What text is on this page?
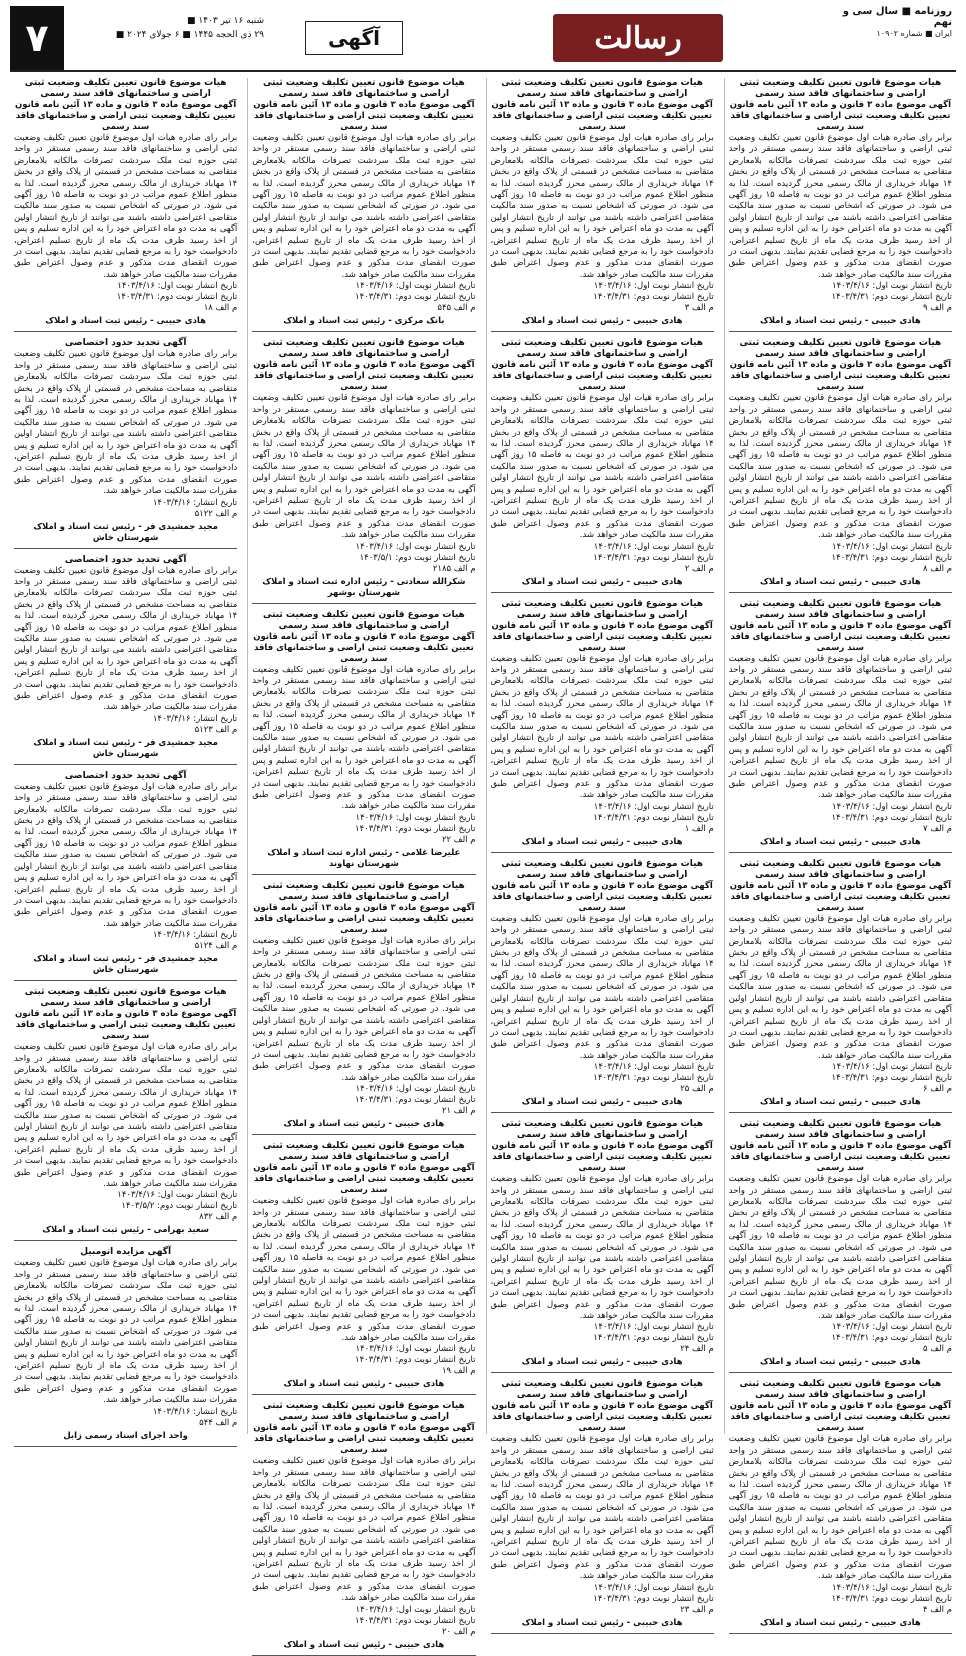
روزنامه ■ سال سی و نهم
ایران ■ شماره ۱۰۹۰۲
رسالت
آگهی
شنبه ۱۶ تیر ۱۴۰۳ ■
۲۹ ذی الحجه ۱۴۴۵ ■ ۶ جولای ۲۰۲۴ ■
۷
هیات موضوع قانون تعیین تکلیف وضعیت ثبتی اراضی و ساختمانهای فاقد سند رسمی
آگهی موضوع ماده ۳ قانون و ماده ۱۳ آئین نامه قانون تعیین تکلیف وضعیت ثبتی اراضی و ساختمانهای فاقد سند رسمی
برابر رای صادره هیات اول موضوع قانون تعیین تکلیف وضعیت ثبتی اراضی و ساختمانهای فاقد سند رسمی مستقر در واحد ثبتی حوزه ثبت ملک سردشت تصرفات مالکانه بلامعارض متقاضی به مساحت مشخص در قسمتی از پلاک واقع در بخش ۱۴ مهاباد خریداری از مالک رسمی محرز گردیده است. لذا به منظور اطلاع عموم مراتب در دو نوبت به فاصله ۱۵ روز آگهی می شود. در صورتی که اشخاص نسبت به صدور سند مالکیت متقاضی اعتراضی داشته باشند می توانند از تاریخ انتشار اولین آگهی به مدت دو ماه اعتراض خود را به این اداره تسلیم و پس از اخذ رسید ظرف مدت یک ماه از تاریخ تسلیم اعتراض، دادخواست خود را به مرجع قضایی تقدیم نمایند. بدیهی است در صورت انقضای مدت مذکور و عدم وصول اعتراض طبق مقررات سند مالکیت صادر خواهد شد.
تاریخ انتشار نوبت اول: ۱۴۰۳/۴/۱۶
تاریخ انتشار نوبت دوم: ۱۴۰۳/۴/۳۱
م الف ۹
هادی حبیبی - رئیس ثبت اسناد و املاک
هیات موضوع قانون تعیین تکلیف وضعیت ثبتی اراضی و ساختمانهای فاقد سند رسمی
آگهی موضوع ماده ۳ قانون و ماده ۱۳ آئین نامه قانون تعیین تکلیف وضعیت ثبتی اراضی و ساختمانهای فاقد سند رسمی
برابر رای صادره هیات اول موضوع قانون تعیین تکلیف وضعیت ثبتی اراضی و ساختمانهای فاقد سند رسمی مستقر در واحد ثبتی حوزه ثبت ملک سردشت تصرفات مالکانه بلامعارض متقاضی به مساحت مشخص در قسمتی از پلاک واقع در بخش ۱۴ مهاباد خریداری از مالک رسمی محرز گردیده است. لذا به منظور اطلاع عموم مراتب در دو نوبت به فاصله ۱۵ روز آگهی می شود. در صورتی که اشخاص نسبت به صدور سند مالکیت متقاضی اعتراضی داشته باشند می توانند از تاریخ انتشار اولین آگهی به مدت دو ماه اعتراض خود را به این اداره تسلیم و پس از اخذ رسید ظرف مدت یک ماه از تاریخ تسلیم اعتراض، دادخواست خود را به مرجع قضایی تقدیم نمایند. بدیهی است در صورت انقضای مدت مذکور و عدم وصول اعتراض طبق مقررات سند مالکیت صادر خواهد شد.
تاریخ انتشار نوبت اول: ۱۴۰۳/۴/۱۶
تاریخ انتشار نوبت دوم: ۱۴۰۳/۴/۳۱
م الف ۸
هادی حبیبی - رئیس ثبت اسناد و املاک
هیات موضوع قانون تعیین تکلیف وضعیت ثبتی اراضی و ساختمانهای فاقد سند رسمی
آگهی موضوع ماده ۳ قانون و ماده ۱۳ آئین نامه قانون تعیین تکلیف وضعیت ثبتی اراضی و ساختمانهای فاقد سند رسمی
برابر رای صادره هیات اول موضوع قانون تعیین تکلیف وضعیت ثبتی اراضی و ساختمانهای فاقد سند رسمی مستقر در واحد ثبتی حوزه ثبت ملک سردشت تصرفات مالکانه بلامعارض متقاضی به مساحت مشخص در قسمتی از پلاک واقع در بخش ۱۴ مهاباد خریداری از مالک رسمی محرز گردیده است. لذا به منظور اطلاع عموم مراتب در دو نوبت به فاصله ۱۵ روز آگهی می شود. در صورتی که اشخاص نسبت به صدور سند مالکیت متقاضی اعتراضی داشته باشند می توانند از تاریخ انتشار اولین آگهی به مدت دو ماه اعتراض خود را به این اداره تسلیم و پس از اخذ رسید ظرف مدت یک ماه از تاریخ تسلیم اعتراض، دادخواست خود را به مرجع قضایی تقدیم نمایند. بدیهی است در صورت انقضای مدت مذکور و عدم وصول اعتراض طبق مقررات سند مالکیت صادر خواهد شد.
تاریخ انتشار نوبت اول: ۱۴۰۳/۴/۱۶
تاریخ انتشار نوبت دوم: ۱۴۰۳/۴/۳۱
م الف ۷
هادی حبیبی - رئیس ثبت اسناد و املاک
هیات موضوع قانون تعیین تکلیف وضعیت ثبتی اراضی و ساختمانهای فاقد سند رسمی
آگهی موضوع ماده ۳ قانون و ماده ۱۳ آئین نامه قانون تعیین تکلیف وضعیت ثبتی اراضی و ساختمانهای فاقد سند رسمی
برابر رای صادره هیات اول موضوع قانون تعیین تکلیف وضعیت ثبتی اراضی و ساختمانهای فاقد سند رسمی مستقر در واحد ثبتی حوزه ثبت ملک سردشت تصرفات مالکانه بلامعارض متقاضی به مساحت مشخص در قسمتی از پلاک واقع در بخش ۱۴ مهاباد خریداری از مالک رسمی محرز گردیده است. لذا به منظور اطلاع عموم مراتب در دو نوبت به فاصله ۱۵ روز آگهی می شود. در صورتی که اشخاص نسبت به صدور سند مالکیت متقاضی اعتراضی داشته باشند می توانند از تاریخ انتشار اولین آگهی به مدت دو ماه اعتراض خود را به این اداره تسلیم و پس از اخذ رسید ظرف مدت یک ماه از تاریخ تسلیم اعتراض، دادخواست خود را به مرجع قضایی تقدیم نمایند. بدیهی است در صورت انقضای مدت مذکور و عدم وصول اعتراض طبق مقررات سند مالکیت صادر خواهد شد.
تاریخ انتشار نوبت اول: ۱۴۰۳/۴/۱۶
تاریخ انتشار نوبت دوم: ۱۴۰۳/۴/۳۱
م الف ۶
هادی حبیبی - رئیس ثبت اسناد و املاک
هیات موضوع قانون تعیین تکلیف وضعیت ثبتی اراضی و ساختمانهای فاقد سند رسمی
آگهی موضوع ماده ۳ قانون و ماده ۱۳ آئین نامه قانون تعیین تکلیف وضعیت ثبتی اراضی و ساختمانهای فاقد سند رسمی
برابر رای صادره هیات اول موضوع قانون تعیین تکلیف وضعیت ثبتی اراضی و ساختمانهای فاقد سند رسمی مستقر در واحد ثبتی حوزه ثبت ملک سردشت تصرفات مالکانه بلامعارض متقاضی به مساحت مشخص در قسمتی از پلاک واقع در بخش ۱۴ مهاباد خریداری از مالک رسمی محرز گردیده است. لذا به منظور اطلاع عموم مراتب در دو نوبت به فاصله ۱۵ روز آگهی می شود. در صورتی که اشخاص نسبت به صدور سند مالکیت متقاضی اعتراضی داشته باشند می توانند از تاریخ انتشار اولین آگهی به مدت دو ماه اعتراض خود را به این اداره تسلیم و پس از اخذ رسید ظرف مدت یک ماه از تاریخ تسلیم اعتراض، دادخواست خود را به مرجع قضایی تقدیم نمایند. بدیهی است در صورت انقضای مدت مذکور و عدم وصول اعتراض طبق مقررات سند مالکیت صادر خواهد شد.
تاریخ انتشار نوبت اول: ۱۴۰۳/۴/۱۶
تاریخ انتشار نوبت دوم: ۱۴۰۳/۴/۳۱
م الف ۵
هادی حبیبی - رئیس ثبت اسناد و املاک
هیات موضوع قانون تعیین تکلیف وضعیت ثبتی اراضی و ساختمانهای فاقد سند رسمی
آگهی موضوع ماده ۳ قانون و ماده ۱۳ آئین نامه قانون تعیین تکلیف وضعیت ثبتی اراضی و ساختمانهای فاقد سند رسمی
برابر رای صادره هیات اول موضوع قانون تعیین تکلیف وضعیت ثبتی اراضی و ساختمانهای فاقد سند رسمی مستقر در واحد ثبتی حوزه ثبت ملک سردشت تصرفات مالکانه بلامعارض متقاضی به مساحت مشخص در قسمتی از پلاک واقع در بخش ۱۴ مهاباد خریداری از مالک رسمی محرز گردیده است. لذا به منظور اطلاع عموم مراتب در دو نوبت به فاصله ۱۵ روز آگهی می شود. در صورتی که اشخاص نسبت به صدور سند مالکیت متقاضی اعتراضی داشته باشند می توانند از تاریخ انتشار اولین آگهی به مدت دو ماه اعتراض خود را به این اداره تسلیم و پس از اخذ رسید ظرف مدت یک ماه از تاریخ تسلیم اعتراض، دادخواست خود را به مرجع قضایی تقدیم نمایند. بدیهی است در صورت انقضای مدت مذکور و عدم وصول اعتراض طبق مقررات سند مالکیت صادر خواهد شد.
تاریخ انتشار نوبت اول: ۱۴۰۳/۴/۱۶
تاریخ انتشار نوبت دوم: ۱۴۰۳/۴/۳۱
م الف ۴
هادی حبیبی - رئیس ثبت اسناد و املاک
هیات موضوع قانون تعیین تکلیف وضعیت ثبتی اراضی و ساختمانهای فاقد سند رسمی
آگهی موضوع ماده ۳ قانون و ماده ۱۳ آئین نامه قانون تعیین تکلیف وضعیت ثبتی اراضی و ساختمانهای فاقد سند رسمی
برابر رای صادره هیات اول موضوع قانون تعیین تکلیف وضعیت ثبتی اراضی و ساختمانهای فاقد سند رسمی مستقر در واحد ثبتی حوزه ثبت ملک سردشت تصرفات مالکانه بلامعارض متقاضی به مساحت مشخص در قسمتی از پلاک واقع در بخش ۱۴ مهاباد خریداری از مالک رسمی محرز گردیده است. لذا به منظور اطلاع عموم مراتب در دو نوبت به فاصله ۱۵ روز آگهی می شود. در صورتی که اشخاص نسبت به صدور سند مالکیت متقاضی اعتراضی داشته باشند می توانند از تاریخ انتشار اولین آگهی به مدت دو ماه اعتراض خود را به این اداره تسلیم و پس از اخذ رسید ظرف مدت یک ماه از تاریخ تسلیم اعتراض، دادخواست خود را به مرجع قضایی تقدیم نمایند. بدیهی است در صورت انقضای مدت مذکور و عدم وصول اعتراض طبق مقررات سند مالکیت صادر خواهد شد.
تاریخ انتشار نوبت اول: ۱۴۰۳/۴/۱۶
تاریخ انتشار نوبت دوم: ۱۴۰۳/۴/۳۱
م الف ۳
هادی حبیبی - رئیس ثبت اسناد و املاک
هیات موضوع قانون تعیین تکلیف وضعیت ثبتی اراضی و ساختمانهای فاقد سند رسمی
آگهی موضوع ماده ۳ قانون و ماده ۱۳ آئین نامه قانون تعیین تکلیف وضعیت ثبتی اراضی و ساختمانهای فاقد سند رسمی
برابر رای صادره هیات اول موضوع قانون تعیین تکلیف وضعیت ثبتی اراضی و ساختمانهای فاقد سند رسمی مستقر در واحد ثبتی حوزه ثبت ملک سردشت تصرفات مالکانه بلامعارض متقاضی به مساحت مشخص در قسمتی از پلاک واقع در بخش ۱۴ مهاباد خریداری از مالک رسمی محرز گردیده است. لذا به منظور اطلاع عموم مراتب در دو نوبت به فاصله ۱۵ روز آگهی می شود. در صورتی که اشخاص نسبت به صدور سند مالکیت متقاضی اعتراضی داشته باشند می توانند از تاریخ انتشار اولین آگهی به مدت دو ماه اعتراض خود را به این اداره تسلیم و پس از اخذ رسید ظرف مدت یک ماه از تاریخ تسلیم اعتراض، دادخواست خود را به مرجع قضایی تقدیم نمایند. بدیهی است در صورت انقضای مدت مذکور و عدم وصول اعتراض طبق مقررات سند مالکیت صادر خواهد شد.
تاریخ انتشار نوبت اول: ۱۴۰۳/۴/۱۶
تاریخ انتشار نوبت دوم: ۱۴۰۳/۴/۳۱
م الف ۲
هادی حبیبی - رئیس ثبت اسناد و املاک
هیات موضوع قانون تعیین تکلیف وضعیت ثبتی اراضی و ساختمانهای فاقد سند رسمی
آگهی موضوع ماده ۳ قانون و ماده ۱۳ آئین نامه قانون تعیین تکلیف وضعیت ثبتی اراضی و ساختمانهای فاقد سند رسمی
برابر رای صادره هیات اول موضوع قانون تعیین تکلیف وضعیت ثبتی اراضی و ساختمانهای فاقد سند رسمی مستقر در واحد ثبتی حوزه ثبت ملک سردشت تصرفات مالکانه بلامعارض متقاضی به مساحت مشخص در قسمتی از پلاک واقع در بخش ۱۴ مهاباد خریداری از مالک رسمی محرز گردیده است. لذا به منظور اطلاع عموم مراتب در دو نوبت به فاصله ۱۵ روز آگهی می شود. در صورتی که اشخاص نسبت به صدور سند مالکیت متقاضی اعتراضی داشته باشند می توانند از تاریخ انتشار اولین آگهی به مدت دو ماه اعتراض خود را به این اداره تسلیم و پس از اخذ رسید ظرف مدت یک ماه از تاریخ تسلیم اعتراض، دادخواست خود را به مرجع قضایی تقدیم نمایند. بدیهی است در صورت انقضای مدت مذکور و عدم وصول اعتراض طبق مقررات سند مالکیت صادر خواهد شد.
تاریخ انتشار نوبت اول: ۱۴۰۳/۴/۱۶
تاریخ انتشار نوبت دوم: ۱۴۰۳/۴/۳۱
م الف ۱
هادی حبیبی - رئیس ثبت اسناد و املاک
هیات موضوع قانون تعیین تکلیف وضعیت ثبتی اراضی و ساختمانهای فاقد سند رسمی
آگهی موضوع ماده ۳ قانون و ماده ۱۳ آئین نامه قانون تعیین تکلیف وضعیت ثبتی اراضی و ساختمانهای فاقد سند رسمی
برابر رای صادره هیات اول موضوع قانون تعیین تکلیف وضعیت ثبتی اراضی و ساختمانهای فاقد سند رسمی مستقر در واحد ثبتی حوزه ثبت ملک سردشت تصرفات مالکانه بلامعارض متقاضی به مساحت مشخص در قسمتی از پلاک واقع در بخش ۱۴ مهاباد خریداری از مالک رسمی محرز گردیده است. لذا به منظور اطلاع عموم مراتب در دو نوبت به فاصله ۱۵ روز آگهی می شود. در صورتی که اشخاص نسبت به صدور سند مالکیت متقاضی اعتراضی داشته باشند می توانند از تاریخ انتشار اولین آگهی به مدت دو ماه اعتراض خود را به این اداره تسلیم و پس از اخذ رسید ظرف مدت یک ماه از تاریخ تسلیم اعتراض، دادخواست خود را به مرجع قضایی تقدیم نمایند. بدیهی است در صورت انقضای مدت مذکور و عدم وصول اعتراض طبق مقررات سند مالکیت صادر خواهد شد.
تاریخ انتشار نوبت اول: ۱۴۰۳/۴/۱۶
تاریخ انتشار نوبت دوم: ۱۴۰۳/۴/۳۱
م الف ۲۵
هادی حبیبی - رئیس ثبت اسناد و املاک
هیات موضوع قانون تعیین تکلیف وضعیت ثبتی اراضی و ساختمانهای فاقد سند رسمی
آگهی موضوع ماده ۳ قانون و ماده ۱۳ آئین نامه قانون تعیین تکلیف وضعیت ثبتی اراضی و ساختمانهای فاقد سند رسمی
برابر رای صادره هیات اول موضوع قانون تعیین تکلیف وضعیت ثبتی اراضی و ساختمانهای فاقد سند رسمی مستقر در واحد ثبتی حوزه ثبت ملک سردشت تصرفات مالکانه بلامعارض متقاضی به مساحت مشخص در قسمتی از پلاک واقع در بخش ۱۴ مهاباد خریداری از مالک رسمی محرز گردیده است. لذا به منظور اطلاع عموم مراتب در دو نوبت به فاصله ۱۵ روز آگهی می شود. در صورتی که اشخاص نسبت به صدور سند مالکیت متقاضی اعتراضی داشته باشند می توانند از تاریخ انتشار اولین آگهی به مدت دو ماه اعتراض خود را به این اداره تسلیم و پس از اخذ رسید ظرف مدت یک ماه از تاریخ تسلیم اعتراض، دادخواست خود را به مرجع قضایی تقدیم نمایند. بدیهی است در صورت انقضای مدت مذکور و عدم وصول اعتراض طبق مقررات سند مالکیت صادر خواهد شد.
تاریخ انتشار نوبت اول: ۱۴۰۳/۴/۱۶
تاریخ انتشار نوبت دوم: ۱۴۰۳/۴/۳۱
م الف ۲۴
هادی حبیبی - رئیس ثبت اسناد و املاک
هیات موضوع قانون تعیین تکلیف وضعیت ثبتی اراضی و ساختمانهای فاقد سند رسمی
آگهی موضوع ماده ۳ قانون و ماده ۱۳ آئین نامه قانون تعیین تکلیف وضعیت ثبتی اراضی و ساختمانهای فاقد سند رسمی
برابر رای صادره هیات اول موضوع قانون تعیین تکلیف وضعیت ثبتی اراضی و ساختمانهای فاقد سند رسمی مستقر در واحد ثبتی حوزه ثبت ملک سردشت تصرفات مالکانه بلامعارض متقاضی به مساحت مشخص در قسمتی از پلاک واقع در بخش ۱۴ مهاباد خریداری از مالک رسمی محرز گردیده است. لذا به منظور اطلاع عموم مراتب در دو نوبت به فاصله ۱۵ روز آگهی می شود. در صورتی که اشخاص نسبت به صدور سند مالکیت متقاضی اعتراضی داشته باشند می توانند از تاریخ انتشار اولین آگهی به مدت دو ماه اعتراض خود را به این اداره تسلیم و پس از اخذ رسید ظرف مدت یک ماه از تاریخ تسلیم اعتراض، دادخواست خود را به مرجع قضایی تقدیم نمایند. بدیهی است در صورت انقضای مدت مذکور و عدم وصول اعتراض طبق مقررات سند مالکیت صادر خواهد شد.
تاریخ انتشار نوبت اول: ۱۴۰۳/۴/۱۶
تاریخ انتشار نوبت دوم: ۱۴۰۳/۴/۳۱
م الف ۲۳
هادی حبیبی - رئیس ثبت اسناد و املاک
هیات موضوع قانون تعیین تکلیف وضعیت ثبتی اراضی و ساختمانهای فاقد سند رسمی
آگهی موضوع ماده ۳ قانون و ماده ۱۳ آئین نامه قانون تعیین تکلیف وضعیت ثبتی اراضی و ساختمانهای فاقد سند رسمی
برابر رای صادره هیات اول موضوع قانون تعیین تکلیف وضعیت ثبتی اراضی و ساختمانهای فاقد سند رسمی مستقر در واحد ثبتی حوزه ثبت ملک سردشت تصرفات مالکانه بلامعارض متقاضی به مساحت مشخص در قسمتی از پلاک واقع در بخش ۱۴ مهاباد خریداری از مالک رسمی محرز گردیده است. لذا به منظور اطلاع عموم مراتب در دو نوبت به فاصله ۱۵ روز آگهی می شود. در صورتی که اشخاص نسبت به صدور سند مالکیت متقاضی اعتراضی داشته باشند می توانند از تاریخ انتشار اولین آگهی به مدت دو ماه اعتراض خود را به این اداره تسلیم و پس از اخذ رسید ظرف مدت یک ماه از تاریخ تسلیم اعتراض، دادخواست خود را به مرجع قضایی تقدیم نمایند. بدیهی است در صورت انقضای مدت مذکور و عدم وصول اعتراض طبق مقررات سند مالکیت صادر خواهد شد.
تاریخ انتشار نوبت اول: ۱۴۰۳/۴/۱۶
تاریخ انتشار نوبت دوم: ۱۴۰۳/۴/۳۱
م الف ۵۴۵
بانک مرکزی - رئیس ثبت اسناد و املاک
هیات موضوع قانون تعیین تکلیف وضعیت ثبتی اراضی و ساختمانهای فاقد سند رسمی
آگهی موضوع ماده ۳ قانون و ماده ۱۳ آئین نامه قانون تعیین تکلیف وضعیت ثبتی اراضی و ساختمانهای فاقد سند رسمی
برابر رای صادره هیات اول موضوع قانون تعیین تکلیف وضعیت ثبتی اراضی و ساختمانهای فاقد سند رسمی مستقر در واحد ثبتی حوزه ثبت ملک سردشت تصرفات مالکانه بلامعارض متقاضی به مساحت مشخص در قسمتی از پلاک واقع در بخش ۱۴ مهاباد خریداری از مالک رسمی محرز گردیده است. لذا به منظور اطلاع عموم مراتب در دو نوبت به فاصله ۱۵ روز آگهی می شود. در صورتی که اشخاص نسبت به صدور سند مالکیت متقاضی اعتراضی داشته باشند می توانند از تاریخ انتشار اولین آگهی به مدت دو ماه اعتراض خود را به این اداره تسلیم و پس از اخذ رسید ظرف مدت یک ماه از تاریخ تسلیم اعتراض، دادخواست خود را به مرجع قضایی تقدیم نمایند. بدیهی است در صورت انقضای مدت مذکور و عدم وصول اعتراض طبق مقررات سند مالکیت صادر خواهد شد.
تاریخ انتشار نوبت اول: ۱۴۰۳/۴/۱۶
تاریخ انتشار نوبت دوم: ۱۴۰۳/۵/۱
م الف ۲۱۸۵
شکرالله سعادتی - رئیس اداره ثبت اسناد و املاک شهرستان بوشهر
هیات موضوع قانون تعیین تکلیف وضعیت ثبتی اراضی و ساختمانهای فاقد سند رسمی
آگهی موضوع ماده ۳ قانون و ماده ۱۳ آئین نامه قانون تعیین تکلیف وضعیت ثبتی اراضی و ساختمانهای فاقد سند رسمی
برابر رای صادره هیات اول موضوع قانون تعیین تکلیف وضعیت ثبتی اراضی و ساختمانهای فاقد سند رسمی مستقر در واحد ثبتی حوزه ثبت ملک سردشت تصرفات مالکانه بلامعارض متقاضی به مساحت مشخص در قسمتی از پلاک واقع در بخش ۱۴ مهاباد خریداری از مالک رسمی محرز گردیده است. لذا به منظور اطلاع عموم مراتب در دو نوبت به فاصله ۱۵ روز آگهی می شود. در صورتی که اشخاص نسبت به صدور سند مالکیت متقاضی اعتراضی داشته باشند می توانند از تاریخ انتشار اولین آگهی به مدت دو ماه اعتراض خود را به این اداره تسلیم و پس از اخذ رسید ظرف مدت یک ماه از تاریخ تسلیم اعتراض، دادخواست خود را به مرجع قضایی تقدیم نمایند. بدیهی است در صورت انقضای مدت مذکور و عدم وصول اعتراض طبق مقررات سند مالکیت صادر خواهد شد.
تاریخ انتشار نوبت اول: ۱۴۰۳/۴/۱۶
تاریخ انتشار نوبت دوم: ۱۴۰۳/۴/۳۱
م الف ۲۲
علیرضا غلامی - رئیس اداره ثبت اسناد و املاک شهرستان نهاوند
هیات موضوع قانون تعیین تکلیف وضعیت ثبتی اراضی و ساختمانهای فاقد سند رسمی
آگهی موضوع ماده ۳ قانون و ماده ۱۳ آئین نامه قانون تعیین تکلیف وضعیت ثبتی اراضی و ساختمانهای فاقد سند رسمی
برابر رای صادره هیات اول موضوع قانون تعیین تکلیف وضعیت ثبتی اراضی و ساختمانهای فاقد سند رسمی مستقر در واحد ثبتی حوزه ثبت ملک سردشت تصرفات مالکانه بلامعارض متقاضی به مساحت مشخص در قسمتی از پلاک واقع در بخش ۱۴ مهاباد خریداری از مالک رسمی محرز گردیده است. لذا به منظور اطلاع عموم مراتب در دو نوبت به فاصله ۱۵ روز آگهی می شود. در صورتی که اشخاص نسبت به صدور سند مالکیت متقاضی اعتراضی داشته باشند می توانند از تاریخ انتشار اولین آگهی به مدت دو ماه اعتراض خود را به این اداره تسلیم و پس از اخذ رسید ظرف مدت یک ماه از تاریخ تسلیم اعتراض، دادخواست خود را به مرجع قضایی تقدیم نمایند. بدیهی است در صورت انقضای مدت مذکور و عدم وصول اعتراض طبق مقررات سند مالکیت صادر خواهد شد.
تاریخ انتشار نوبت اول: ۱۴۰۳/۴/۱۶
تاریخ انتشار نوبت دوم: ۱۴۰۳/۴/۳۱
م الف ۲۱
هادی حبیبی - رئیس ثبت اسناد و املاک
هیات موضوع قانون تعیین تکلیف وضعیت ثبتی اراضی و ساختمانهای فاقد سند رسمی
آگهی موضوع ماده ۳ قانون و ماده ۱۳ آئین نامه قانون تعیین تکلیف وضعیت ثبتی اراضی و ساختمانهای فاقد سند رسمی
برابر رای صادره هیات اول موضوع قانون تعیین تکلیف وضعیت ثبتی اراضی و ساختمانهای فاقد سند رسمی مستقر در واحد ثبتی حوزه ثبت ملک سردشت تصرفات مالکانه بلامعارض متقاضی به مساحت مشخص در قسمتی از پلاک واقع در بخش ۱۴ مهاباد خریداری از مالک رسمی محرز گردیده است. لذا به منظور اطلاع عموم مراتب در دو نوبت به فاصله ۱۵ روز آگهی می شود. در صورتی که اشخاص نسبت به صدور سند مالکیت متقاضی اعتراضی داشته باشند می توانند از تاریخ انتشار اولین آگهی به مدت دو ماه اعتراض خود را به این اداره تسلیم و پس از اخذ رسید ظرف مدت یک ماه از تاریخ تسلیم اعتراض، دادخواست خود را به مرجع قضایی تقدیم نمایند. بدیهی است در صورت انقضای مدت مذکور و عدم وصول اعتراض طبق مقررات سند مالکیت صادر خواهد شد.
تاریخ انتشار نوبت اول: ۱۴۰۳/۴/۱۶
تاریخ انتشار نوبت دوم: ۱۴۰۳/۴/۳۱
م الف ۱۹
هادی حبیبی - رئیس ثبت اسناد و املاک
هیات موضوع قانون تعیین تکلیف وضعیت ثبتی اراضی و ساختمانهای فاقد سند رسمی
آگهی موضوع ماده ۳ قانون و ماده ۱۳ آئین نامه قانون تعیین تکلیف وضعیت ثبتی اراضی و ساختمانهای فاقد سند رسمی
برابر رای صادره هیات اول موضوع قانون تعیین تکلیف وضعیت ثبتی اراضی و ساختمانهای فاقد سند رسمی مستقر در واحد ثبتی حوزه ثبت ملک سردشت تصرفات مالکانه بلامعارض متقاضی به مساحت مشخص در قسمتی از پلاک واقع در بخش ۱۴ مهاباد خریداری از مالک رسمی محرز گردیده است. لذا به منظور اطلاع عموم مراتب در دو نوبت به فاصله ۱۵ روز آگهی می شود. در صورتی که اشخاص نسبت به صدور سند مالکیت متقاضی اعتراضی داشته باشند می توانند از تاریخ انتشار اولین آگهی به مدت دو ماه اعتراض خود را به این اداره تسلیم و پس از اخذ رسید ظرف مدت یک ماه از تاریخ تسلیم اعتراض، دادخواست خود را به مرجع قضایی تقدیم نمایند. بدیهی است در صورت انقضای مدت مذکور و عدم وصول اعتراض طبق مقررات سند مالکیت صادر خواهد شد.
تاریخ انتشار نوبت اول: ۱۴۰۳/۴/۱۶
تاریخ انتشار نوبت دوم: ۱۴۰۳/۴/۳۱
م الف ۲۰
هادی حبیبی - رئیس ثبت اسناد و املاک
هیات موضوع قانون تعیین تکلیف وضعیت ثبتی اراضی و ساختمانهای فاقد سند رسمی
آگهی موضوع ماده ۳ قانون و ماده ۱۳ آئین نامه قانون تعیین تکلیف وضعیت ثبتی اراضی و ساختمانهای فاقد سند رسمی
برابر رای صادره هیات اول موضوع قانون تعیین تکلیف وضعیت ثبتی اراضی و ساختمانهای فاقد سند رسمی مستقر در واحد ثبتی حوزه ثبت ملک سردشت تصرفات مالکانه بلامعارض متقاضی به مساحت مشخص در قسمتی از پلاک واقع در بخش ۱۴ مهاباد خریداری از مالک رسمی محرز گردیده است. لذا به منظور اطلاع عموم مراتب در دو نوبت به فاصله ۱۵ روز آگهی می شود. در صورتی که اشخاص نسبت به صدور سند مالکیت متقاضی اعتراضی داشته باشند می توانند از تاریخ انتشار اولین آگهی به مدت دو ماه اعتراض خود را به این اداره تسلیم و پس از اخذ رسید ظرف مدت یک ماه از تاریخ تسلیم اعتراض، دادخواست خود را به مرجع قضایی تقدیم نمایند. بدیهی است در صورت انقضای مدت مذکور و عدم وصول اعتراض طبق مقررات سند مالکیت صادر خواهد شد.
تاریخ انتشار نوبت اول: ۱۴۰۳/۴/۱۶
تاریخ انتشار نوبت دوم: ۱۴۰۳/۴/۳۱
م الف ۱۸
هادی حبیبی - رئیس ثبت اسناد و املاک
آگهی تحدید حدود اختصاصی
برابر رای صادره هیات اول موضوع قانون تعیین تکلیف وضعیت ثبتی اراضی و ساختمانهای فاقد سند رسمی مستقر در واحد ثبتی حوزه ثبت ملک سردشت تصرفات مالکانه بلامعارض متقاضی به مساحت مشخص در قسمتی از پلاک واقع در بخش ۱۴ مهاباد خریداری از مالک رسمی محرز گردیده است. لذا به منظور اطلاع عموم مراتب در دو نوبت به فاصله ۱۵ روز آگهی می شود. در صورتی که اشخاص نسبت به صدور سند مالکیت متقاضی اعتراضی داشته باشند می توانند از تاریخ انتشار اولین آگهی به مدت دو ماه اعتراض خود را به این اداره تسلیم و پس از اخذ رسید ظرف مدت یک ماه از تاریخ تسلیم اعتراض، دادخواست خود را به مرجع قضایی تقدیم نمایند. بدیهی است در صورت انقضای مدت مذکور و عدم وصول اعتراض طبق مقررات سند مالکیت صادر خواهد شد.
تاریخ انتشار: ۱۴۰۳/۴/۱۶
م الف ۵۱۲۲
مجید جمشیدی فر - رئیس ثبت اسناد و املاک شهرستان خاش
آگهی تحدید حدود اختصاصی
برابر رای صادره هیات اول موضوع قانون تعیین تکلیف وضعیت ثبتی اراضی و ساختمانهای فاقد سند رسمی مستقر در واحد ثبتی حوزه ثبت ملک سردشت تصرفات مالکانه بلامعارض متقاضی به مساحت مشخص در قسمتی از پلاک واقع در بخش ۱۴ مهاباد خریداری از مالک رسمی محرز گردیده است. لذا به منظور اطلاع عموم مراتب در دو نوبت به فاصله ۱۵ روز آگهی می شود. در صورتی که اشخاص نسبت به صدور سند مالکیت متقاضی اعتراضی داشته باشند می توانند از تاریخ انتشار اولین آگهی به مدت دو ماه اعتراض خود را به این اداره تسلیم و پس از اخذ رسید ظرف مدت یک ماه از تاریخ تسلیم اعتراض، دادخواست خود را به مرجع قضایی تقدیم نمایند. بدیهی است در صورت انقضای مدت مذکور و عدم وصول اعتراض طبق مقررات سند مالکیت صادر خواهد شد.
تاریخ انتشار: ۱۴۰۳/۴/۱۶
م الف ۵۱۲۳
مجید جمشیدی فر - رئیس ثبت اسناد و املاک شهرستان خاش
آگهی تحدید حدود اختصاصی
برابر رای صادره هیات اول موضوع قانون تعیین تکلیف وضعیت ثبتی اراضی و ساختمانهای فاقد سند رسمی مستقر در واحد ثبتی حوزه ثبت ملک سردشت تصرفات مالکانه بلامعارض متقاضی به مساحت مشخص در قسمتی از پلاک واقع در بخش ۱۴ مهاباد خریداری از مالک رسمی محرز گردیده است. لذا به منظور اطلاع عموم مراتب در دو نوبت به فاصله ۱۵ روز آگهی می شود. در صورتی که اشخاص نسبت به صدور سند مالکیت متقاضی اعتراضی داشته باشند می توانند از تاریخ انتشار اولین آگهی به مدت دو ماه اعتراض خود را به این اداره تسلیم و پس از اخذ رسید ظرف مدت یک ماه از تاریخ تسلیم اعتراض، دادخواست خود را به مرجع قضایی تقدیم نمایند. بدیهی است در صورت انقضای مدت مذکور و عدم وصول اعتراض طبق مقررات سند مالکیت صادر خواهد شد.
تاریخ انتشار: ۱۴۰۳/۴/۱۶
م الف ۵۱۲۴
مجید جمشیدی فر - رئیس ثبت اسناد و املاک شهرستان خاش
هیات موضوع قانون تعیین تکلیف وضعیت ثبتی اراضی و ساختمانهای فاقد سند رسمی
آگهی موضوع ماده ۳ قانون و ماده ۱۳ آئین نامه قانون تعیین تکلیف وضعیت ثبتی اراضی و ساختمانهای فاقد سند رسمی
برابر رای صادره هیات اول موضوع قانون تعیین تکلیف وضعیت ثبتی اراضی و ساختمانهای فاقد سند رسمی مستقر در واحد ثبتی حوزه ثبت ملک سردشت تصرفات مالکانه بلامعارض متقاضی به مساحت مشخص در قسمتی از پلاک واقع در بخش ۱۴ مهاباد خریداری از مالک رسمی محرز گردیده است. لذا به منظور اطلاع عموم مراتب در دو نوبت به فاصله ۱۵ روز آگهی می شود. در صورتی که اشخاص نسبت به صدور سند مالکیت متقاضی اعتراضی داشته باشند می توانند از تاریخ انتشار اولین آگهی به مدت دو ماه اعتراض خود را به این اداره تسلیم و پس از اخذ رسید ظرف مدت یک ماه از تاریخ تسلیم اعتراض، دادخواست خود را به مرجع قضایی تقدیم نمایند. بدیهی است در صورت انقضای مدت مذکور و عدم وصول اعتراض طبق مقررات سند مالکیت صادر خواهد شد.
تاریخ انتشار نوبت اول: ۱۴۰۳/۴/۱۶
تاریخ انتشار نوبت دوم: ۱۴۰۳/۵/۲
م الف ۸۳۲
سعید بهرامی - رئیس ثبت اسناد و املاک
آگهی مزایده اتومبیل
برابر رای صادره هیات اول موضوع قانون تعیین تکلیف وضعیت ثبتی اراضی و ساختمانهای فاقد سند رسمی مستقر در واحد ثبتی حوزه ثبت ملک سردشت تصرفات مالکانه بلامعارض متقاضی به مساحت مشخص در قسمتی از پلاک واقع در بخش ۱۴ مهاباد خریداری از مالک رسمی محرز گردیده است. لذا به منظور اطلاع عموم مراتب در دو نوبت به فاصله ۱۵ روز آگهی می شود. در صورتی که اشخاص نسبت به صدور سند مالکیت متقاضی اعتراضی داشته باشند می توانند از تاریخ انتشار اولین آگهی به مدت دو ماه اعتراض خود را به این اداره تسلیم و پس از اخذ رسید ظرف مدت یک ماه از تاریخ تسلیم اعتراض، دادخواست خود را به مرجع قضایی تقدیم نمایند. بدیهی است در صورت انقضای مدت مذکور و عدم وصول اعتراض طبق مقررات سند مالکیت صادر خواهد شد.
تاریخ انتشار: ۱۴۰۳/۴/۱۶
م الف ۵۴۴
واحد اجرای اسناد رسمی زابل
